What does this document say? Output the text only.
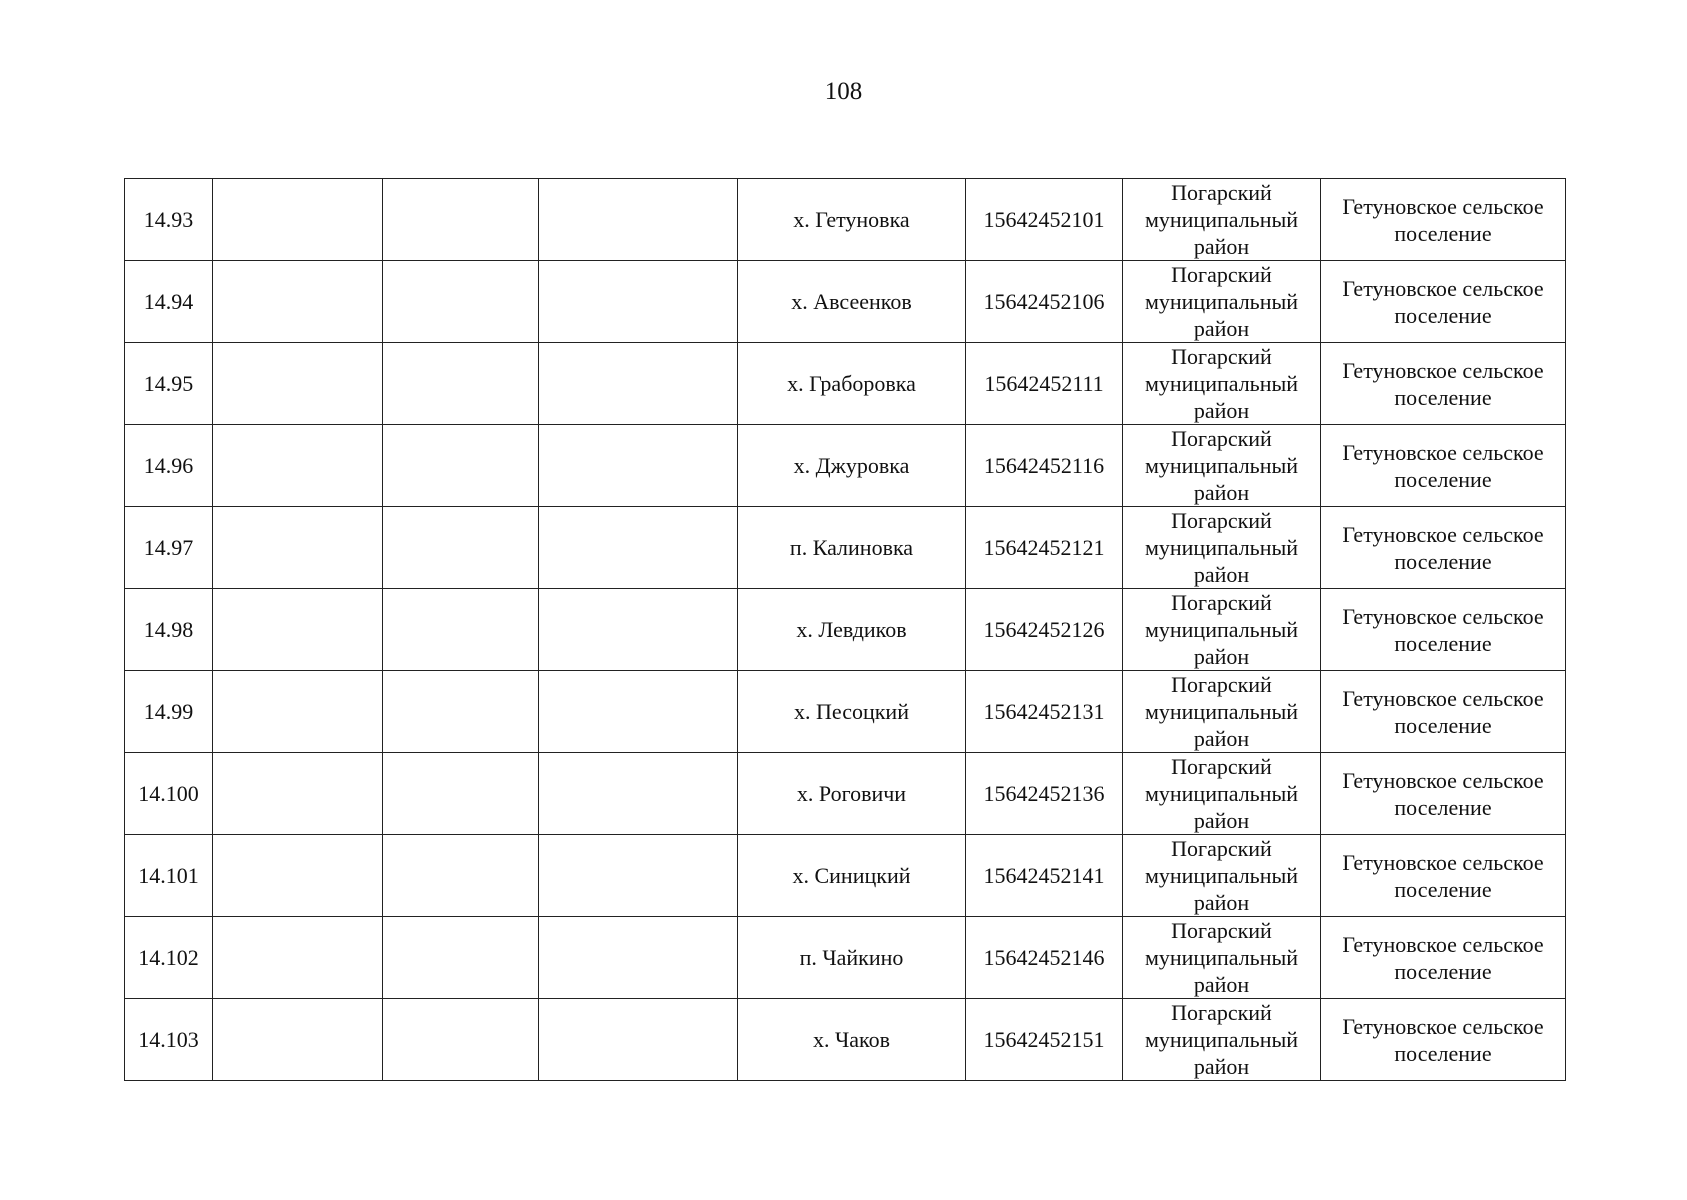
108
14.93				х. Гетуновка	15642452101	Погарский муниципальный район	Гетуновское сельское поселение
14.94				х. Авсеенков	15642452106	Погарский муниципальный район	Гетуновское сельское поселение
14.95				х. Граборовка	15642452111	Погарский муниципальный район	Гетуновское сельское поселение
14.96				х. Джуровка	15642452116	Погарский муниципальный район	Гетуновское сельское поселение
14.97				п. Калиновка	15642452121	Погарский муниципальный район	Гетуновское сельское поселение
14.98				х. Левдиков	15642452126	Погарский муниципальный район	Гетуновское сельское поселение
14.99				х. Песоцкий	15642452131	Погарский муниципальный район	Гетуновское сельское поселение
14.100				х. Роговичи	15642452136	Погарский муниципальный район	Гетуновское сельское поселение
14.101				х. Синицкий	15642452141	Погарский муниципальный район	Гетуновское сельское поселение
14.102				п. Чайкино	15642452146	Погарский муниципальный район	Гетуновское сельское поселение
14.103				х. Чаков	15642452151	Погарский муниципальный район	Гетуновское сельское поселение
